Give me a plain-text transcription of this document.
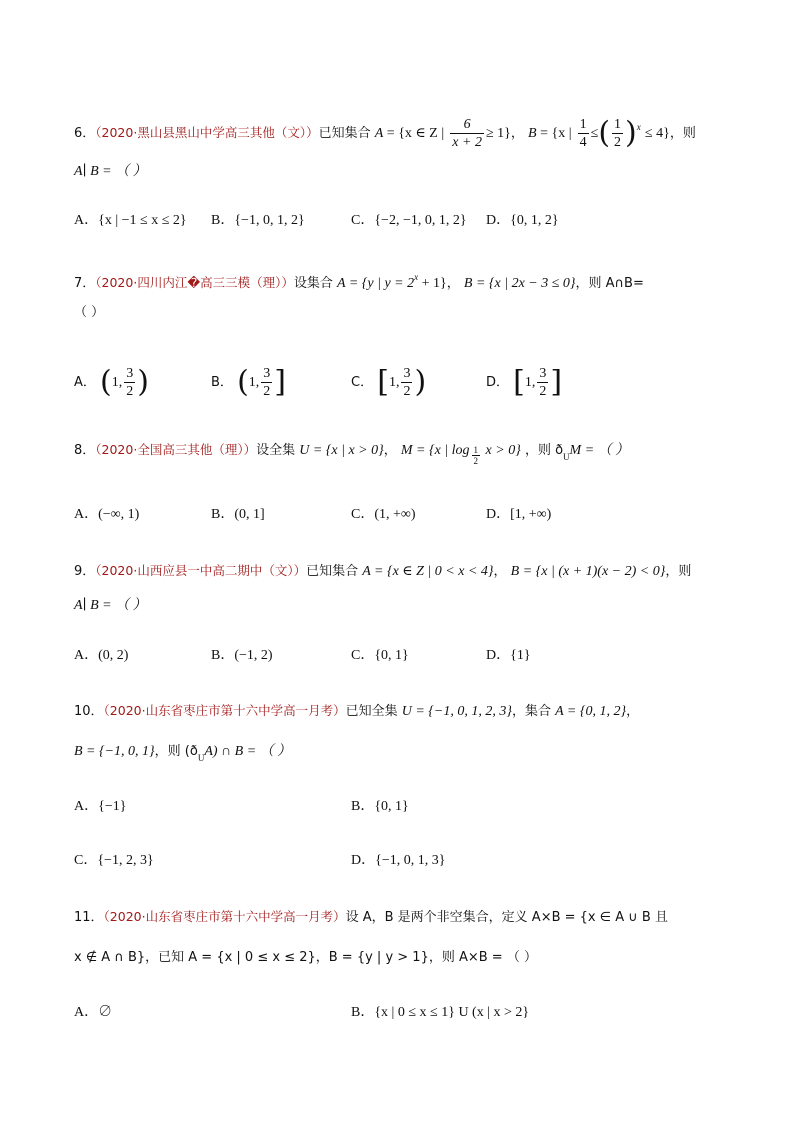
6．（2020·黑山县黑山中学高三其他（文））已知集合 A = {x ∈ Z | $\frac{6}{x + 2} \ge 1$}， B = {x | $\frac{1}{4}$ ≤( $\frac{1}{2} )^x \le 4$}，则
A∣ B = （ ）
A．{x | −1 ≤ x ≤ 2} B．{−1, 0, 1, 2}	C．{−2, −1, 0, 1, 2} D．{0, 1, 2}
7．（2020·四川内江�高三三模（理））设集合 A = {y | $y = 2^x + 1$}， B = {x | 2x − 3 ≤ 0}，则 A∩B=
（ ）
A． (1, $\frac{3}{2}$ )	B． (1, $\frac{3}{2}$ ]	C． [1, $\frac{3}{2}$ )	D． [1, $\frac{3}{2}$ ]
8．（2020·全国高三其他（理））设全集 U = {x | x > 0}， M = {x | $\log \frac{1}{2}$ x > 0} ，则 $ð_UM$ = （ ）
A．(−∞, 1)	B．(0, 1]	C．(1, +∞)	D．[1, +∞)
9．（2020·山西应县一中高二期中（文））已知集合 A = {x ∈ Z | 0 < x < 4}， B = {x | (x + 1)(x − 2) < 0}，则
A∣ B = （ ）
A．(0, 2)	B．(−1, 2)	C．{0, 1}	D．{1}
10．（2020·山东省枣庄市第十六中学高一月考）已知全集 U = {−1, 0, 1, 2, 3}，集合 A = {0, 1, 2}，
B = {−1, 0, 1}，则 $(ð_UA)$ ∩ B = （ ）
A．{−1}	B．{0, 1}
C．{−1, 2, 3}	D．{−1, 0, 1, 3}
11．（2020·山东省枣庄市第十六中学高一月考）设 A，B 是两个非空集合，定义 A×B = {x ∈ A ∪ B 且
x ∉ A ∩ B}，已知 A = {x | 0 ≤ x ≤ 2}，B = {y | y > 1}，则 A×B = （ ）
A．∅	B．{x | 0 ≤ x ≤ 1} U (x | x > 2}
